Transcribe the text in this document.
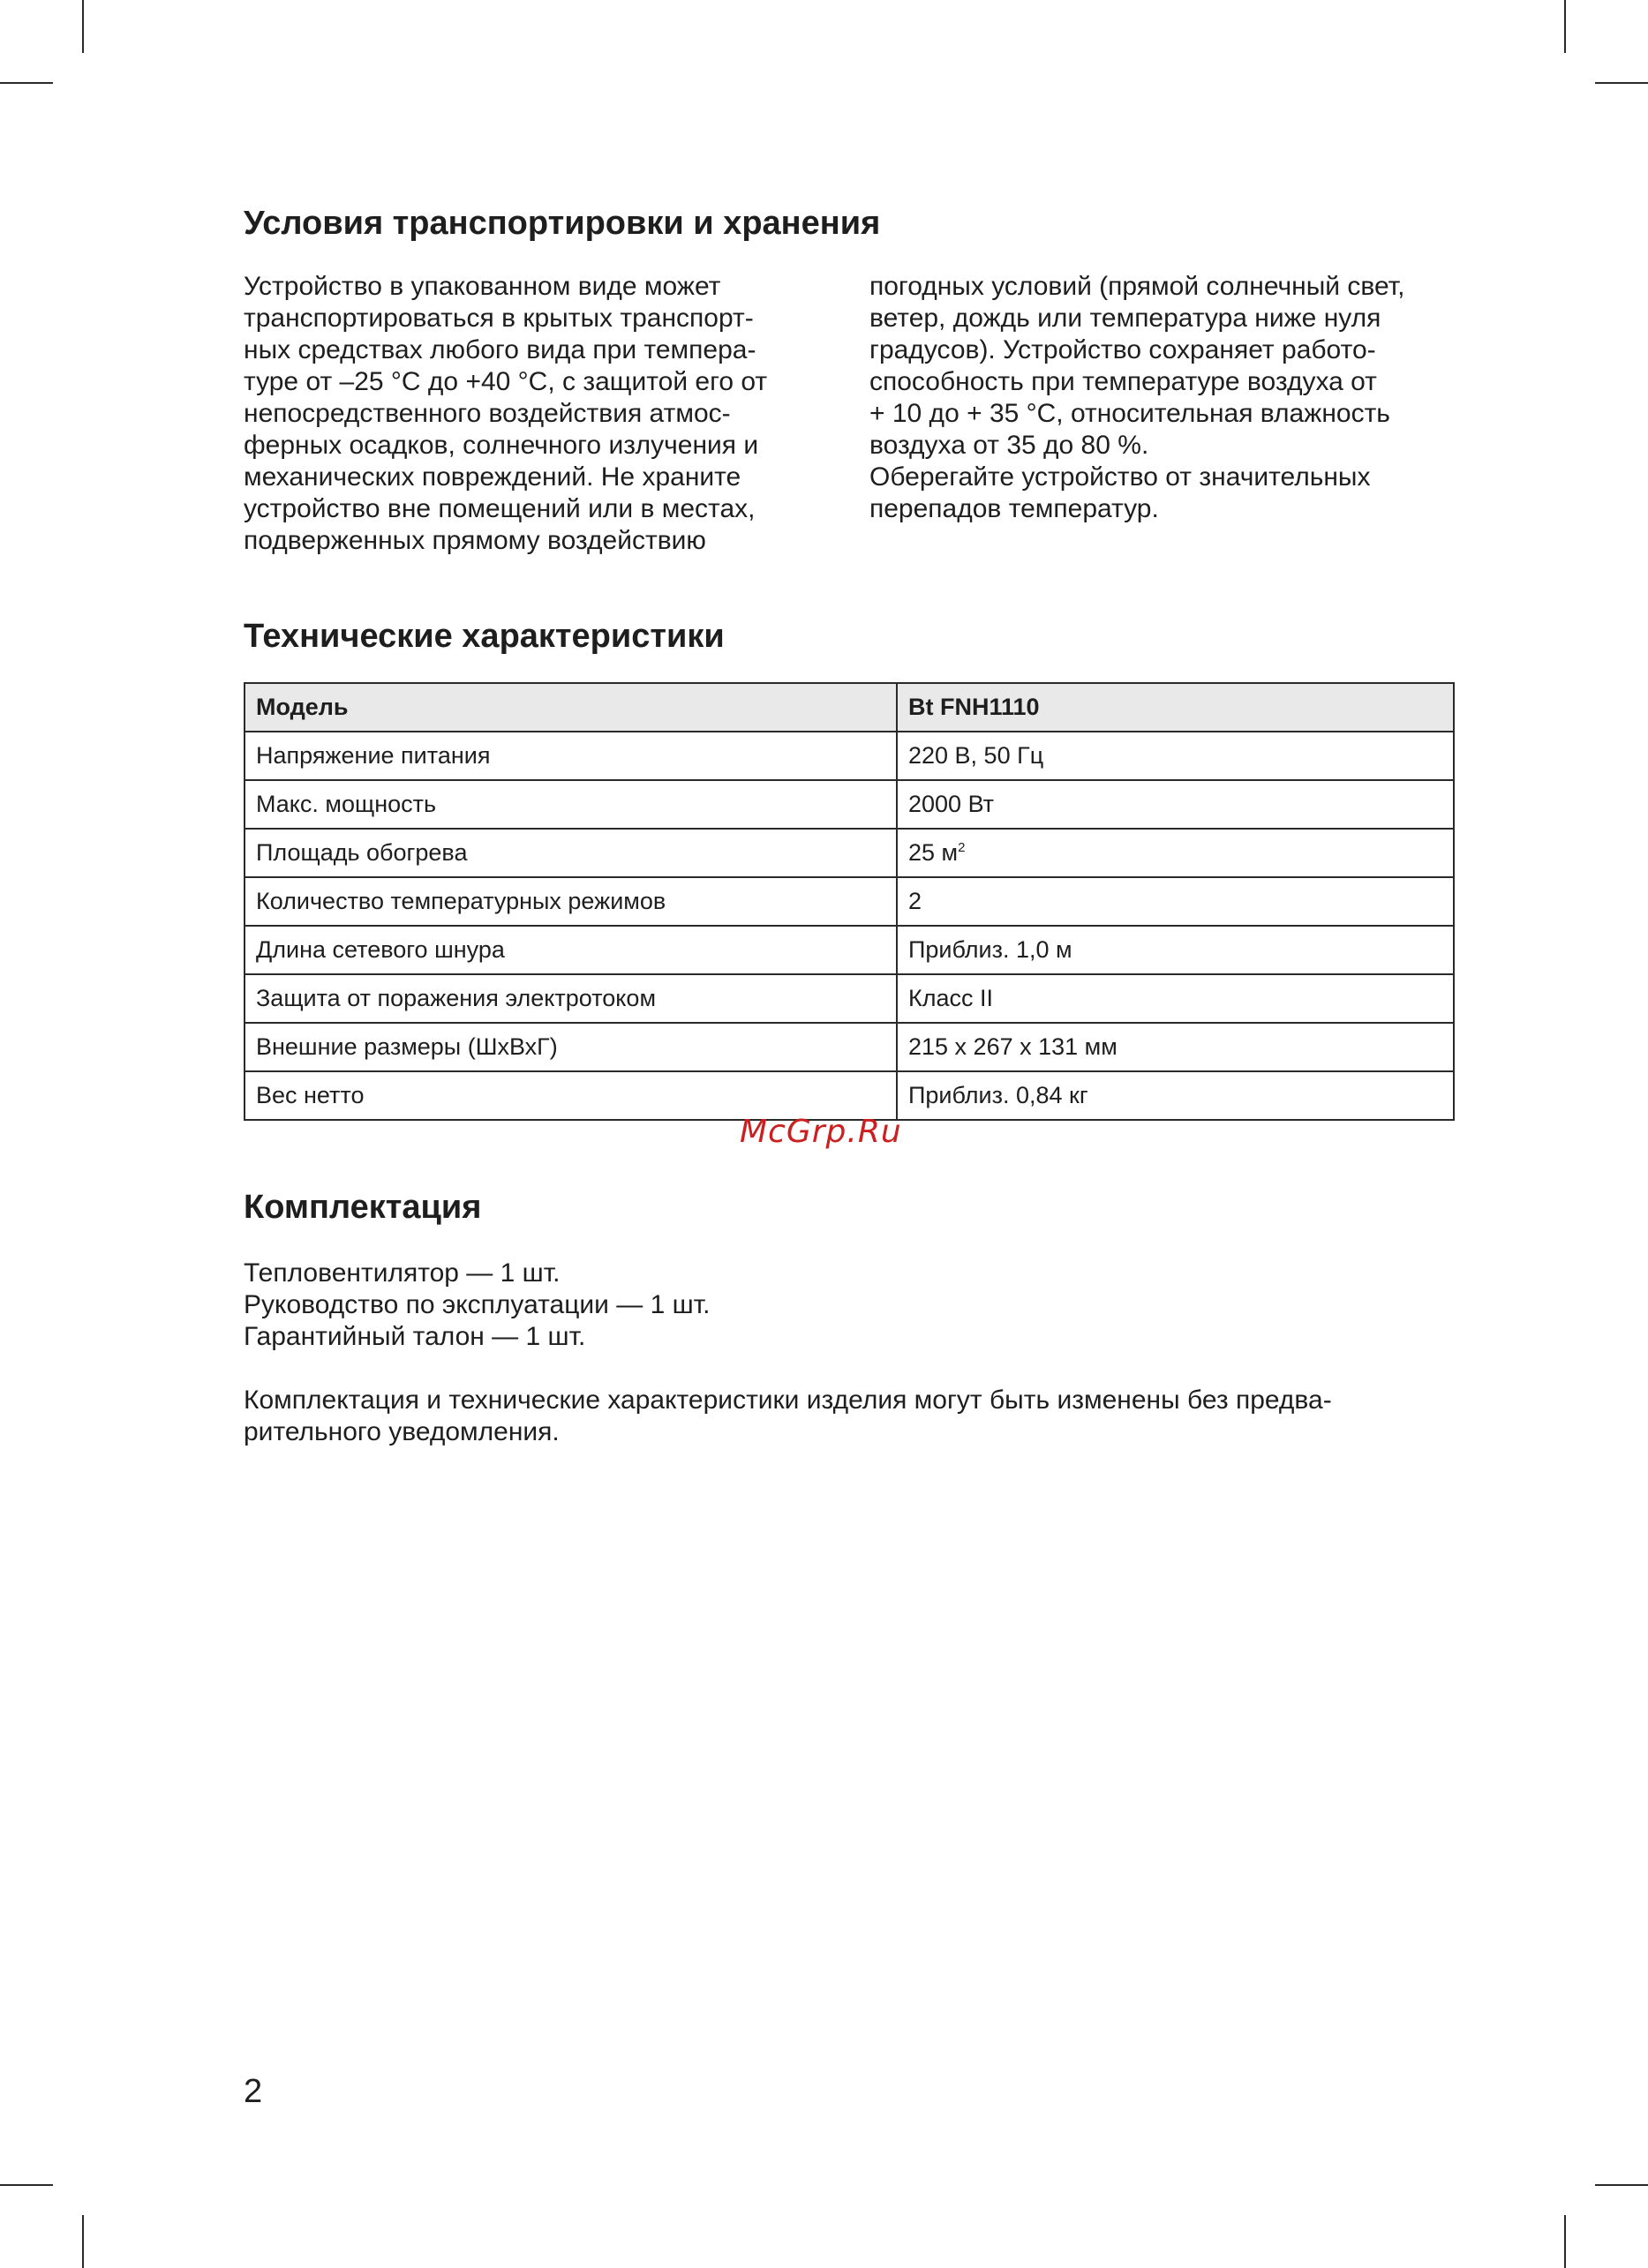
Условия транспортировки и хранения
Устройство в упакованном виде может
транспортироваться в крытых транспорт-
ных средствах любого вида при темпера-
туре от –25 °C до +40 °C, с защитой его от
непосредственного воздействия атмос-
ферных осадков, солнечного излучения и
механических повреждений. Не храните
устройство вне помещений или в местах,
подверженных прямому воздействию
погодных условий (прямой солнечный свет,
ветер, дождь или температура ниже нуля
градусов). Устройство сохраняет работо-
способность при температуре воздуха от
+ 10 до + 35 °C, относительная влажность
воздуха от 35 до 80 %.
Оберегайте устройство от значительных
перепадов температур.
Технические характеристики
Модель	Bt FNH1110
Напряжение питания	220 В, 50 Гц
Макс. мощность	2000 Вт
Площадь обогрева	25 $м^2$
Количество температурных режимов	2
Длина сетевого шнура	Приблиз. 1,0 м
Защита от поражения электротоком	Класс II
Внешние размеры (ШхВхГ)	215 x 267 x 131 мм
Вес нетто	Приблиз. 0,84 кг
McGrp.Ru
Комплектация
Тепловентилятор — 1 шт.
Руководство по эксплуатации — 1 шт.
Гарантийный талон — 1 шт.
Комплектация и технические характеристики изделия могут быть изменены без предва-
рительного уведомления.
2
